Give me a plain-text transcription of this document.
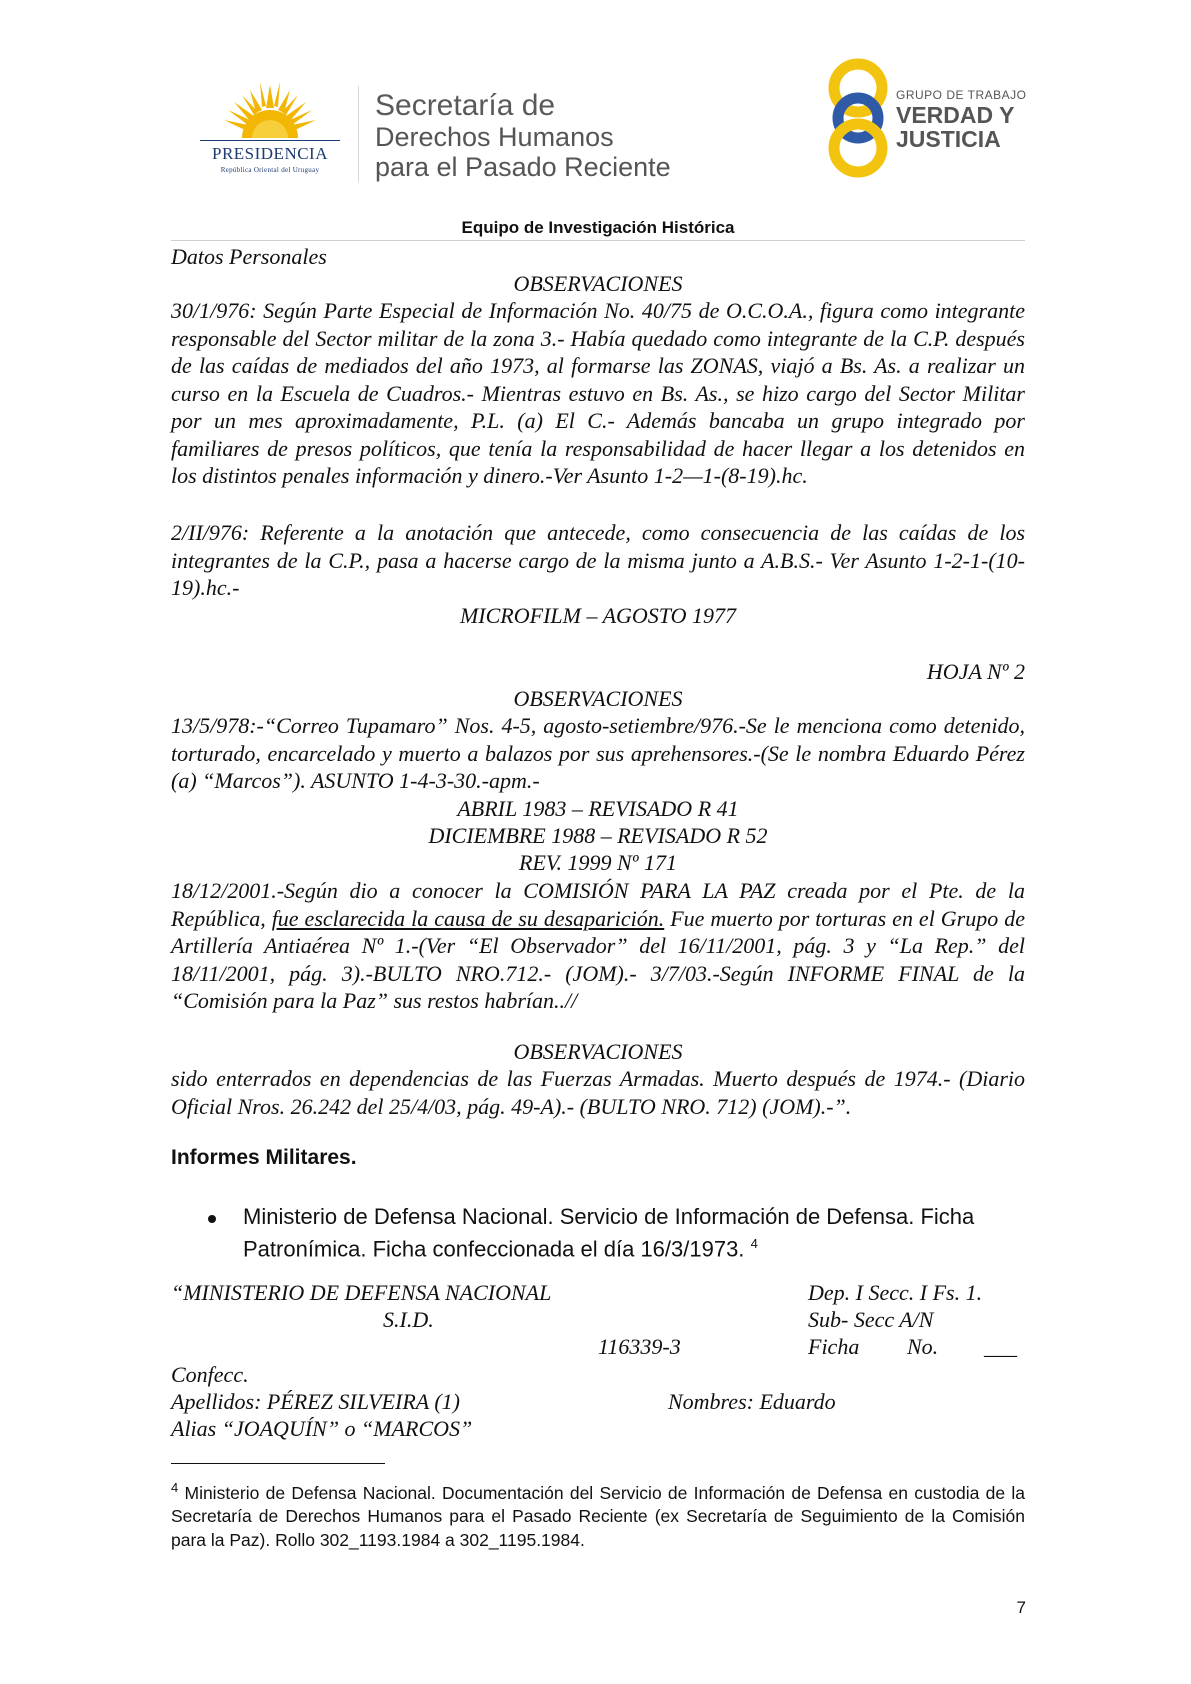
PRESIDENCIA
República Oriental del Uruguay
Secretaría de
Derechos Humanos
para el Pasado Reciente
GRUPO DE TRABAJO
VERDAD Y
JUSTICIA
Equipo de Investigación Histórica
Datos Personales
OBSERVACIONES
30/1/976: Según Parte Especial de Información No. 40/75 de O.C.O.A., figura como integrante responsable del Sector militar de la zona 3.- Había quedado como integrante de la C.P. después de las caídas de mediados del año 1973, al formarse las ZONAS, viajó a Bs. As. a realizar un curso en la Escuela de Cuadros.- Mientras estuvo en Bs. As., se hizo cargo del Sector Militar por un mes aproximadamente, P.L. (a) El C.- Además bancaba un grupo integrado por familiares de presos políticos, que tenía la responsabilidad de hacer llegar a los detenidos en los distintos penales información y dinero.-Ver Asunto 1-2—1-(8-19).hc.
2/II/976: Referente a la anotación que antecede, como consecuencia de las caídas de los integrantes de la C.P., pasa a hacerse cargo de la misma junto a A.B.S.- Ver Asunto 1-2-1-(10-19).hc.-
MICROFILM – AGOSTO 1977
HOJA Nº 2
OBSERVACIONES
13/5/978:-“Correo Tupamaro” Nos. 4-5, agosto-setiembre/976.-Se le menciona como detenido, torturado, encarcelado y muerto a balazos por sus aprehensores.-(Se le nombra Eduardo Pérez (a) “Marcos”). ASUNTO 1-4-3-30.-apm.-
ABRIL 1983 – REVISADO R 41
DICIEMBRE 1988 – REVISADO R 52
REV. 1999 Nº 171
18/12/2001.-Según dio a conocer la COMISIÓN PARA LA PAZ creada por el Pte. de la República, fue esclarecida la causa de su desaparición. Fue muerto por torturas en el Grupo de Artillería Antiaérea Nº 1.-(Ver “El Observador” del 16/11/2001, pág. 3 y “La Rep.” del 18/11/2001, pág. 3).-BULTO NRO.712.- (JOM).- 3/7/03.-Según INFORME FINAL de la “Comisión para la Paz” sus restos habrían..//
OBSERVACIONES
sido enterrados en dependencias de las Fuerzas Armadas. Muerto después de 1974.- (Diario Oficial Nros. 26.242 del 25/4/03, pág. 49-A).- (BULTO NRO. 712) (JOM).-”.
Informes Militares.
Ministerio de Defensa Nacional. Servicio de Información de Defensa. Ficha Patronímica. Ficha confeccionada el día 16/3/1973. $^4$
“MINISTERIO DE DEFENSA NACIONAL	Dep. I Secc. I Fs. 1.
S.I.D.	Sub- Secc A/N
116339-3	Ficha No. ___
Confecc.
Apellidos: PÉREZ SILVEIRA (1)	Nombres: Eduardo
Alias “JOAQUÍN” o “MARCOS”
$^4$ Ministerio de Defensa Nacional. Documentación del Servicio de Información de Defensa en custodia de la Secretaría de Derechos Humanos para el Pasado Reciente (ex Secretaría de Seguimiento de la Comisión para la Paz). Rollo 302_1193.1984 a 302_1195.1984.
7
